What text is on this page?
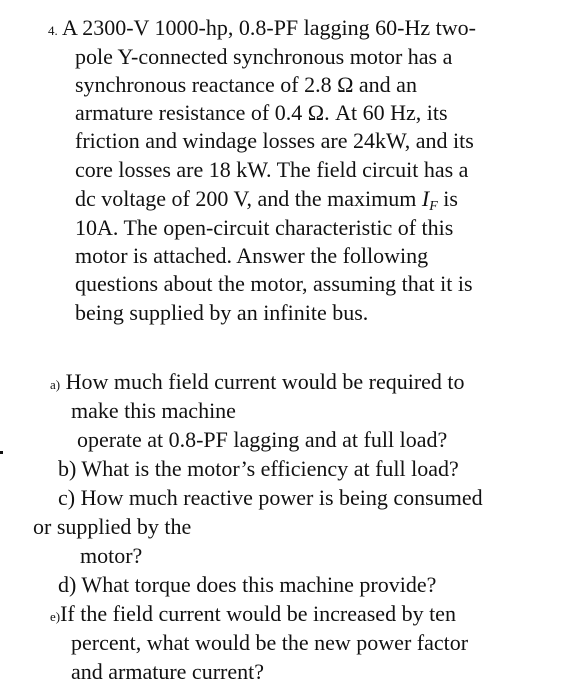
4. A 2300-V 1000-hp, 0.8-PF lagging 60-Hz two-
pole Y-connected synchronous motor has a
synchronous reactance of 2.8 Ω and an
armature resistance of 0.4 Ω. At 60 Hz, its
friction and windage losses are 24kW, and its
core losses are 18 kW. The field circuit has a
dc voltage of 200 V, and the maximum $I_F$ is
10A. The open-circuit characteristic of this
motor is attached. Answer the following
questions about the motor, assuming that it is
being supplied by an infinite bus.
a) How much field current would be required to
make this machine
operate at 0.8-PF lagging and at full load?
b) What is the motor’s efficiency at full load?
c) How much reactive power is being consumed
or supplied by the
motor?
d) What torque does this machine provide?
e)If the field current would be increased by ten
percent, what would be the new power factor
and armature current?
